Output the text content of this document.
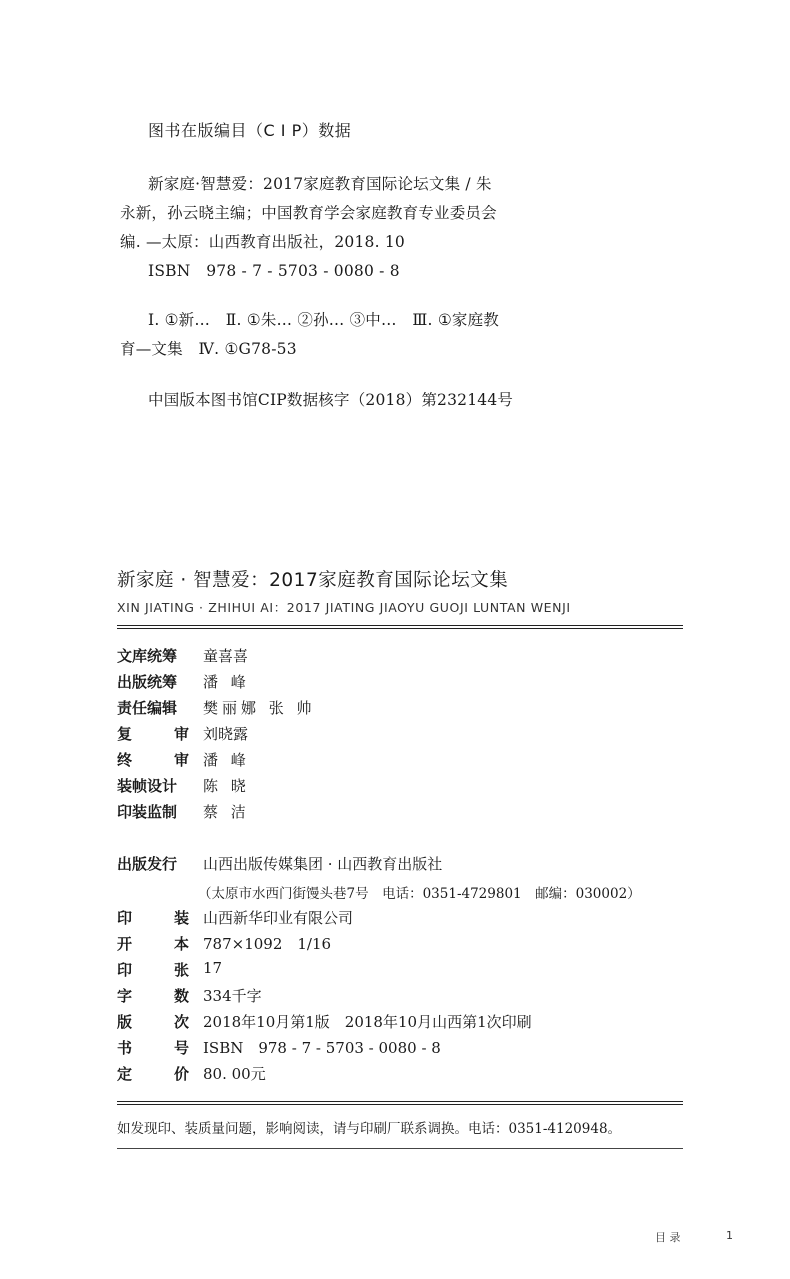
图书在版编目（C I P）数据
新家庭·智慧爱：2017家庭教育国际论坛文集 / 朱
永新，孙云晓主编；中国教育学会家庭教育专业委员会
编. —太原：山西教育出版社，2018. 10
ISBN　978 - 7 - 5703 - 0080 - 8
Ⅰ. ①新…　Ⅱ. ①朱… ②孙… ③中…　Ⅲ. ①家庭教
育—文集　Ⅳ. ①G78-53
中国版本图书馆CIP数据核字（2018）第232144号
新家庭 · 智慧爱：2017家庭教育国际论坛文集
XIN JIATING · ZHIHUI AI：2017 JIATING JIAOYU GUOJI LUNTAN WENJI
文库统筹	童喜喜
出版统筹	潘 峰
责任编辑	樊丽娜 张 帅
复审 刘晓露
终审 潘 峰
装帧设计	陈 晓
印装监制	蔡 洁
出版发行	山西出版传媒集团 · 山西教育出版社
（太原市水西门街馒头巷7号　电话：0351-4729801　邮编：030002）
印装 山西新华印业有限公司
开本 787×1092　1/16
印张 17
字数 334千字
版次 2018年10月第1版　2018年10月山西第1次印刷
书号 ISBN　978 - 7 - 5703 - 0080 - 8
定价 80. 00元
如发现印、装质量问题，影响阅读，请与印刷厂联系调换。电话：0351-4120948。
目 录	1
